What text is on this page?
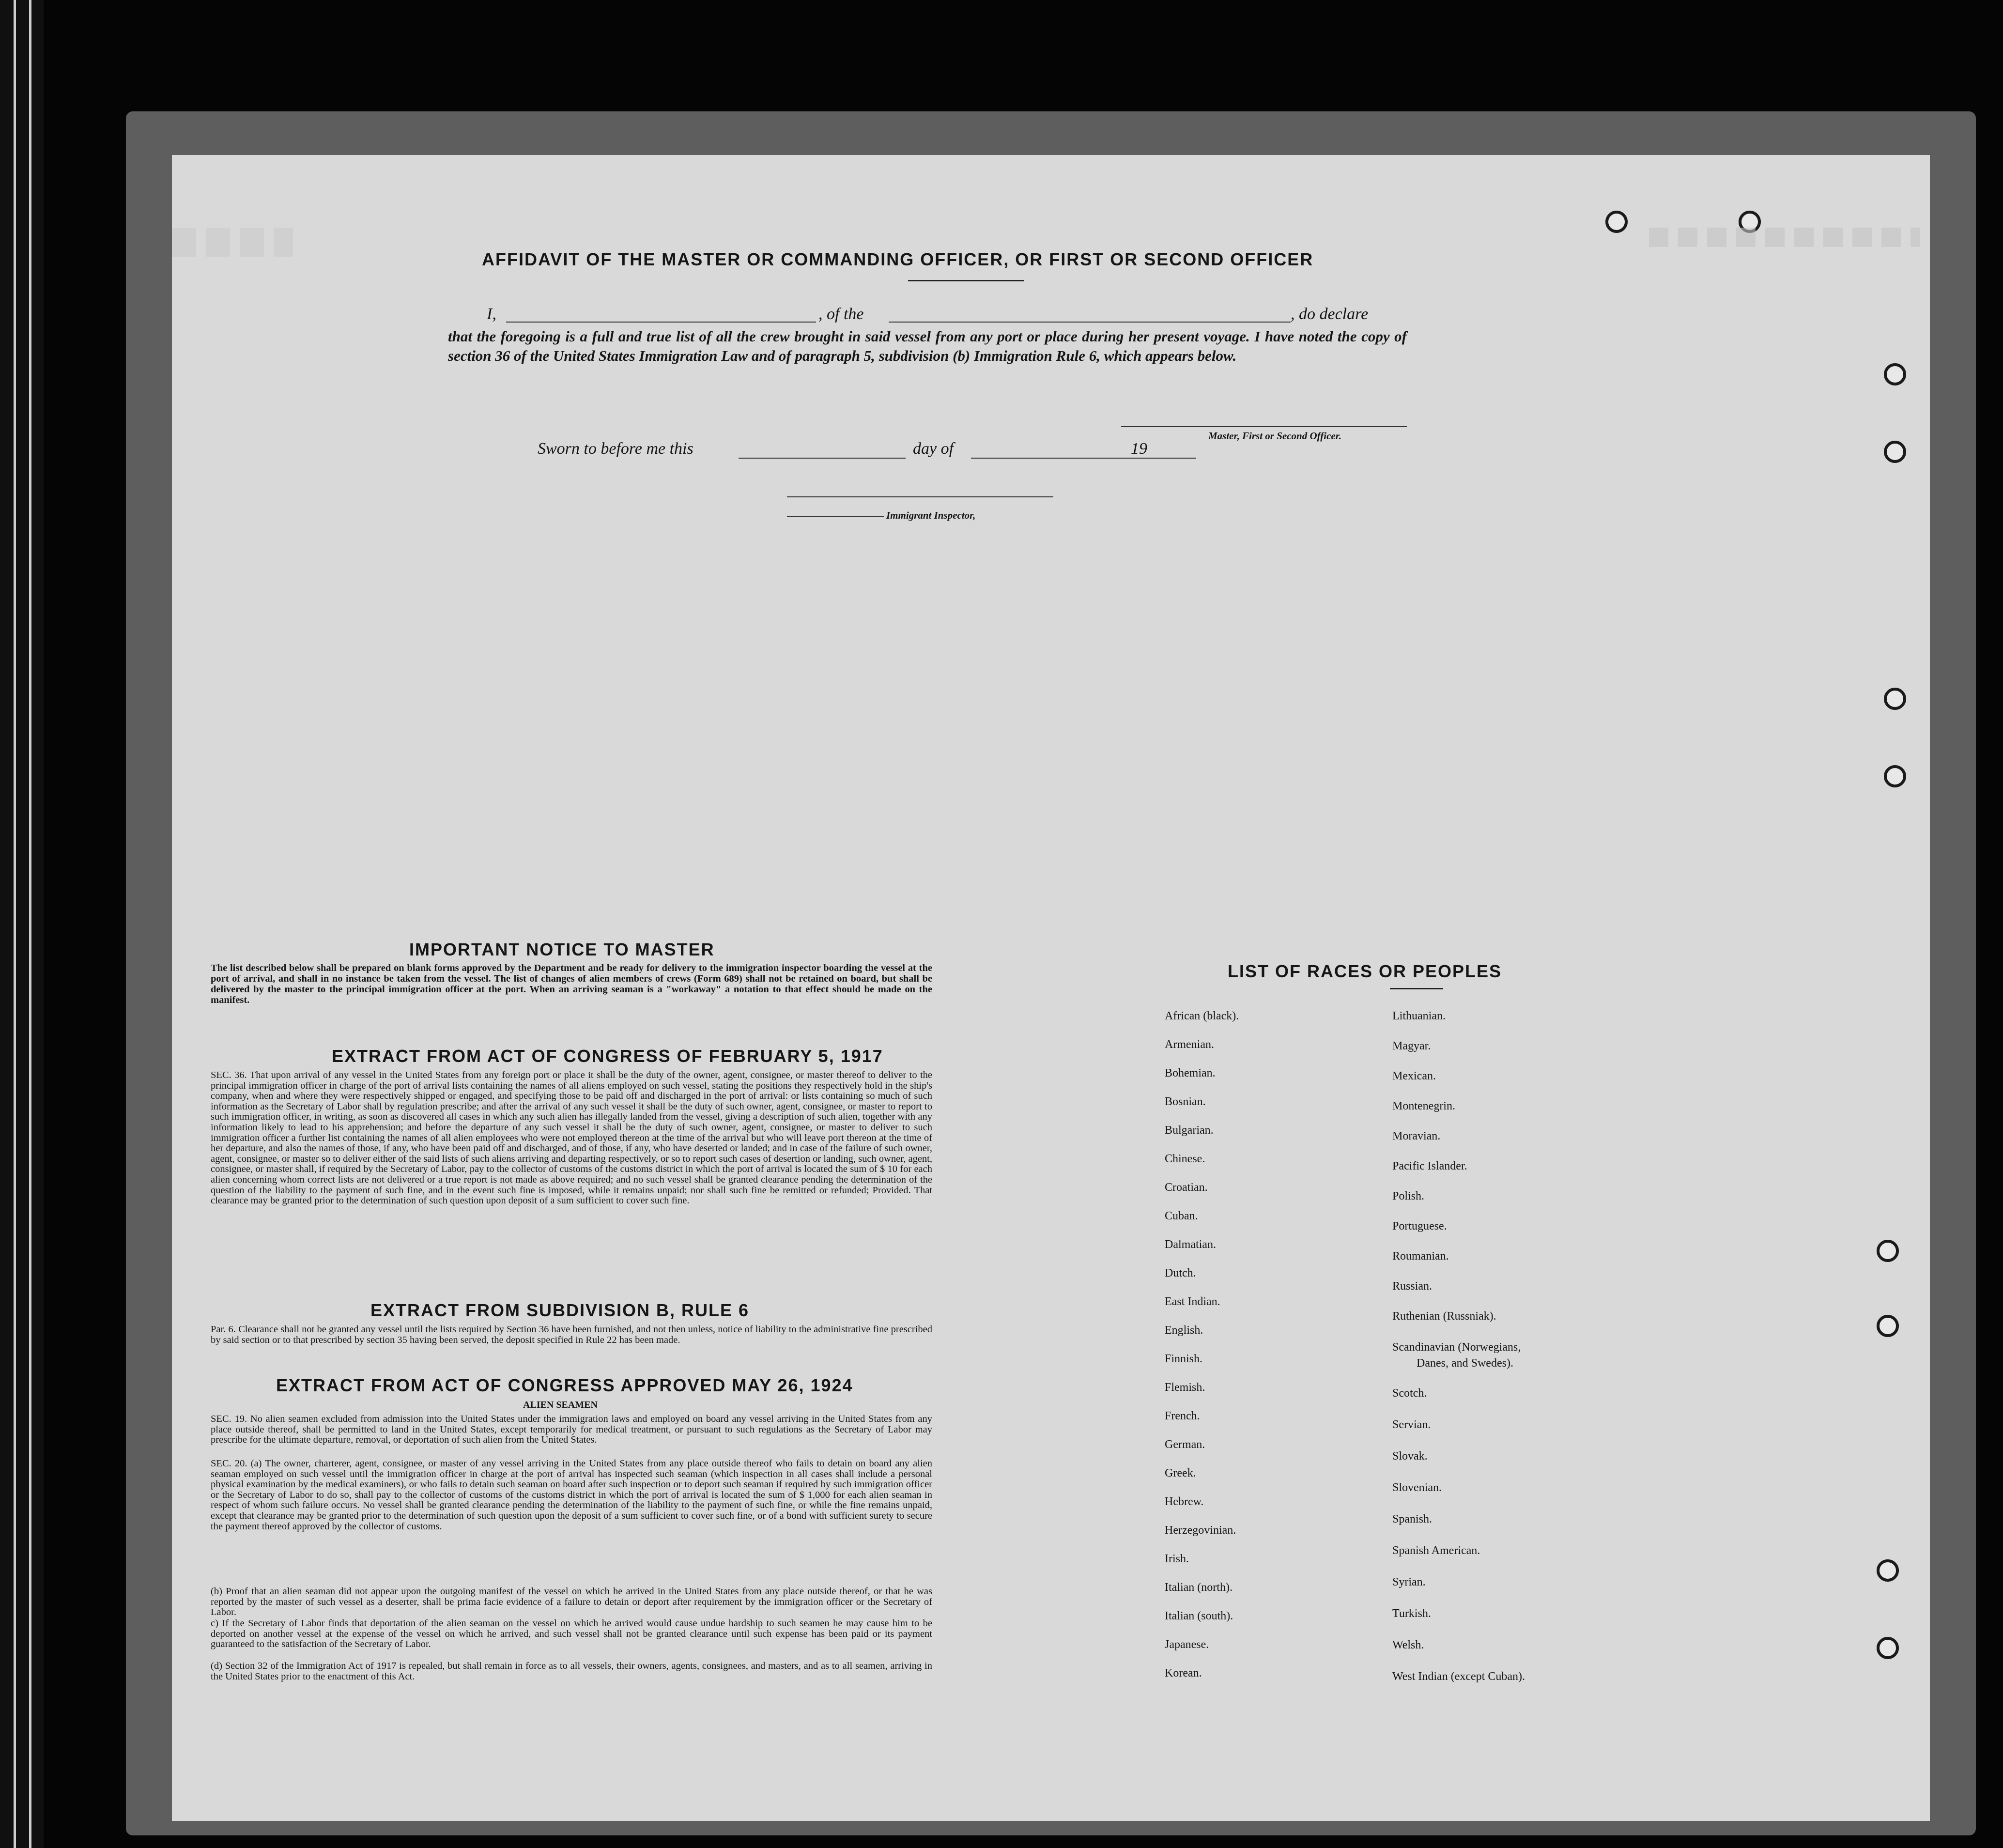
AFFIDAVIT OF THE MASTER OR COMMANDING OFFICER, OR FIRST OR SECOND OFFICER
I,	, of the	, do declare
that the foregoing is a full and true list of all the crew brought in said vessel from any port or place during her present voyage. I have noted the copy of section 36 of the United States Immigration Law and of paragraph 5, subdivision (b) Immigration Rule 6, which appears below.
Master, First or Second Officer.
Sworn to before me this	day of	19
Immigrant Inspector,
IMPORTANT NOTICE TO MASTER
The list described below shall be prepared on blank forms approved by the Department and be ready for delivery to the immigration inspector boarding the vessel at the port of arrival, and shall in no instance be taken from the vessel. The list of changes of alien members of crews (Form 689) shall not be retained on board, but shall be delivered by the master to the principal immigration officer at the port. When an arriving seaman is a "workaway" a notation to that effect should be made on the manifest.
EXTRACT FROM ACT OF CONGRESS OF FEBRUARY 5, 1917
SEC. 36. That upon arrival of any vessel in the United States from any foreign port or place it shall be the duty of the owner, agent, consignee, or master thereof to deliver to the principal immigration officer in charge of the port of arrival lists containing the names of all aliens employed on such vessel, stating the positions they respectively hold in the ship's company, when and where they were respectively shipped or engaged, and specifying those to be paid off and discharged in the port of arrival: or lists containing so much of such information as the Secretary of Labor shall by regulation prescribe; and after the arrival of any such vessel it shall be the duty of such owner, agent, consignee, or master to report to such immigration officer, in writing, as soon as discovered all cases in which any such alien has illegally landed from the vessel, giving a description of such alien, together with any information likely to lead to his apprehension; and before the departure of any such vessel it shall be the duty of such owner, agent, consignee, or master to deliver to such immigration officer a further list containing the names of all alien employees who were not employed thereon at the time of the arrival but who will leave port thereon at the time of her departure, and also the names of those, if any, who have been paid off and discharged, and of those, if any, who have deserted or landed; and in case of the failure of such owner, agent, consignee, or master so to deliver either of the said lists of such aliens arriving and departing respectively, or so to report such cases of desertion or landing, such owner, agent, consignee, or master shall, if required by the Secretary of Labor, pay to the collector of customs of the customs district in which the port of arrival is located the sum of $ 10 for each alien concerning whom correct lists are not delivered or a true report is not made as above required; and no such vessel shall be granted clearance pending the determination of the question of the liability to the payment of such fine, and in the event such fine is imposed, while it remains unpaid; nor shall such fine be remitted or refunded; Provided. That clearance may be granted prior to the determination of such question upon deposit of a sum sufficient to cover such fine.
EXTRACT FROM SUBDIVISION B, RULE 6
Par. 6. Clearance shall not be granted any vessel until the lists required by Section 36 have been furnished, and not then unless, notice of liability to the administrative fine prescribed by said section or to that prescribed by section 35 having been served, the deposit specified in Rule 22 has been made.
EXTRACT FROM ACT OF CONGRESS APPROVED MAY 26, 1924
ALIEN SEAMEN
SEC. 19. No alien seamen excluded from admission into the United States under the immigration laws and employed on board any vessel arriving in the United States from any place outside thereof, shall be permitted to land in the United States, except temporarily for medical treatment, or pursuant to such regulations as the Secretary of Labor may prescribe for the ultimate departure, removal, or deportation of such alien from the United States.
SEC. 20. (a) The owner, charterer, agent, consignee, or master of any vessel arriving in the United States from any place outside thereof who fails to detain on board any alien seaman employed on such vessel until the immigration officer in charge at the port of arrival has inspected such seaman (which inspection in all cases shall include a personal physical examination by the medical examiners), or who fails to detain such seaman on board after such inspection or to deport such seaman if required by such immigration officer or the Secretary of Labor to do so, shall pay to the collector of customs of the customs district in which the port of arrival is located the sum of $ 1,000 for each alien seaman in respect of whom such failure occurs. No vessel shall be granted clearance pending the determination of the liability to the payment of such fine, or while the fine remains unpaid, except that clearance may be granted prior to the determination of such question upon the deposit of a sum sufficient to cover such fine, or of a bond with sufficient surety to secure the payment thereof approved by the collector of customs.
(b) Proof that an alien seaman did not appear upon the outgoing manifest of the vessel on which he arrived in the United States from any place outside thereof, or that he was reported by the master of such vessel as a deserter, shall be prima facie evidence of a failure to detain or deport after requirement by the immigration officer or the Secretary of Labor.
c) If the Secretary of Labor finds that deportation of the alien seaman on the vessel on which he arrived would cause undue hardship to such seamen he may cause him to be deported on another vessel at the expense of the vessel on which he arrived, and such vessel shall not be granted clearance until such expense has been paid or its payment guaranteed to the satisfaction of the Secretary of Labor.
(d) Section 32 of the Immigration Act of 1917 is repealed, but shall remain in force as to all vessels, their owners, agents, consignees, and masters, and as to all seamen, arriving in the United States prior to the enactment of this Act.
LIST OF RACES OR PEOPLES
African (black).
Armenian.
Bohemian.
Bosnian.
Bulgarian.
Chinese.
Croatian.
Cuban.
Dalmatian.
Dutch.
East Indian.
English.
Finnish.
Flemish.
French.
German.
Greek.
Hebrew.
Herzegovinian.
Irish.
Italian (north).
Italian (south).
Japanese.
Korean.
Lithuanian.
Magyar.
Mexican.
Montenegrin.
Moravian.
Pacific Islander.
Polish.
Portuguese.
Roumanian.
Russian.
Ruthenian (Russniak).
Scandinavian (Norwegians,
Danes, and Swedes).
Scotch.
Servian.
Slovak.
Slovenian.
Spanish.
Spanish American.
Syrian.
Turkish.
Welsh.
West Indian (except Cuban).
